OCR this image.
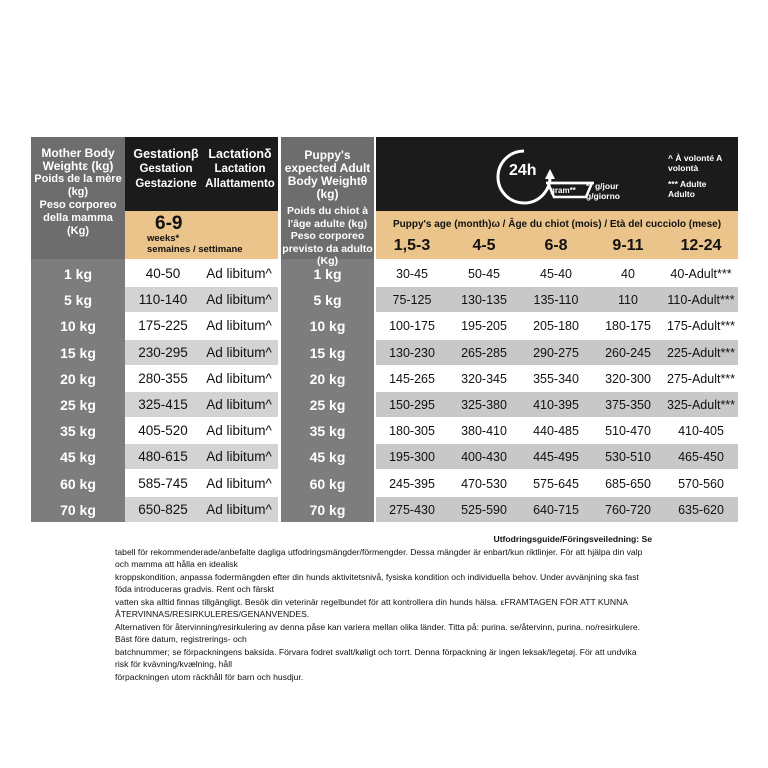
Mother Body Weightε (kg)
Poids de la mère (kg)
Peso corporeo della mamma (Kg)
Gestationβ
Gestation
Gestazione
Lactationδ
Lactation
Allattamento
6-9
weeks*
semaines / settimane
Puppy's expected Adult Body Weightθ (kg)
Poids du chiot à l'âge adulte (kg)
Peso corporeo previsto da adulto (Kg)
24h
gram** ** g/jour g/giorno
^ À volonté A volontà
*** Adulte Adulto
Puppy's age (month)ω / Âge du chiot (mois) / Età del cucciolo (mese)
1,5-3	4-5	6-8	9-11	12-24
1 kg	40-50	Ad libitum^	1 kg	30-45	50-45	45-40	40	40-Adult***
5 kg	110-140	Ad libitum^	5 kg	75-125	130-135	135-110	110	110-Adult***
10 kg	175-225	Ad libitum^	10 kg	100-175	195-205	205-180	180-175	175-Adult***
15 kg	230-295	Ad libitum^	15 kg	130-230	265-285	290-275	260-245	225-Adult***
20 kg	280-355	Ad libitum^	20 kg	145-265	320-345	355-340	320-300	275-Adult***
25 kg	325-415	Ad libitum^	25 kg	150-295	325-380	410-395	375-350	325-Adult***
35 kg	405-520	Ad libitum^	35 kg	180-305	380-410	440-485	510-470	410-405
45 kg	480-615	Ad libitum^	45 kg	195-300	400-430	445-495	530-510	465-450
60 kg	585-745	Ad libitum^	60 kg	245-395	470-530	575-645	685-650	570-560
70 kg	650-825	Ad libitum^	70 kg	275-430	525-590	640-715	760-720	635-620
Utfodringsguide/Föringsveiledning: Se
tabell för rekommenderade/anbefalte dagliga utfodringsmängder/förmengder. Dessa mängder är enbart/kun riktlinjer. För att hjälpa din valp och mamma att hålla en idealisk
kroppskondition, anpassa fodermängden efter din hunds aktivitetsnivå, fysiska kondition och individuella behov. Under avvänjning ska fast föda introduceras gradvis. Rent och färskt
vatten ska alltid finnas tillgängligt. Besök din veterinär regelbundet för att kontrollera din hunds hälsa. εFRAMTAGEN FÖR ATT KUNNA ÅTERVINNAS/RESIRKULERES/GENANVENDES.
Alternativen för återvinning/resirkulering av denna påse kan variera mellan olika länder. Titta på: purina. se/återvinn, purina. no/resirkulere. Bäst före datum, registrerings- och
batchnummer; se förpackningens baksida. Förvara fodret svalt/køligt och torrt. Denna förpackning är ingen leksak/legetøj. För att undvika risk för kvävning/kvælning, håll
förpackningen utom räckhåll för barn och husdjur.
